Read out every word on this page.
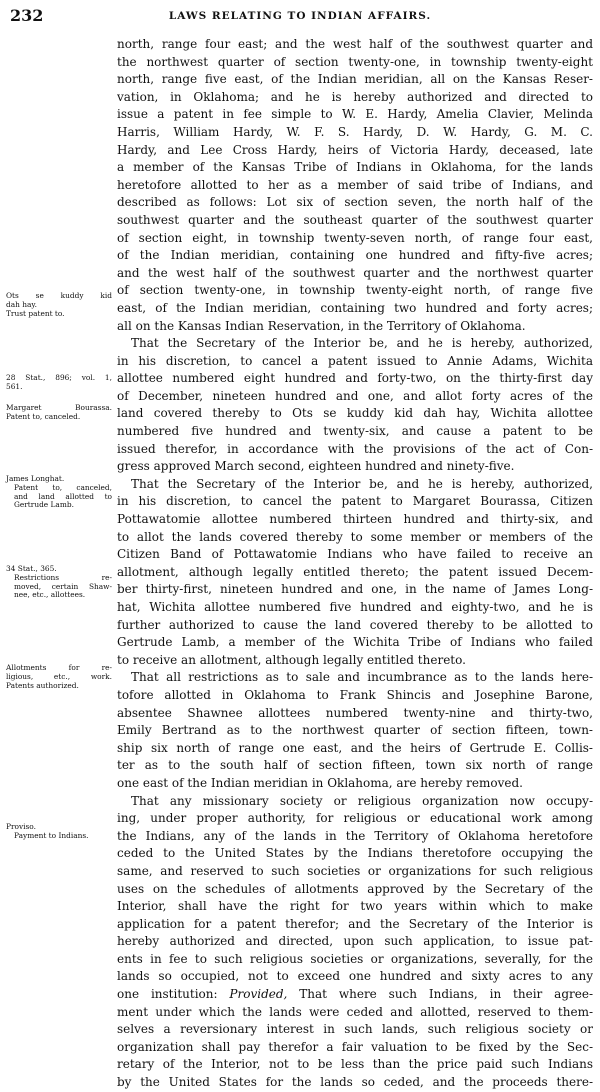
232	LAWS RELATING TO INDIAN AFFAIRS.
Ots se kuddy kid
dah hay.
Trust patent to.
28 Stat., 896; vol. 1,
561.
Margaret Bourassa.
Patent to, canceled.
James Longhat.
Patent to, canceled,
and land allotted to
Gertrude Lamb.
34 Stat., 365.
Restrictions re-
moved, certain Shaw-
nee, etc., allottees.
Allotments for re-
ligious, etc., work.
Patents authorized.
Proviso.
Payment to Indians.
north, range four east; and the west half of the southwest quarter and
the northwest quarter of section twenty-one, in township twenty-eight
north, range five east, of the Indian meridian, all on the Kansas Reser-
vation, in Oklahoma; and he is hereby authorized and directed to
issue a patent in fee simple to W. E. Hardy, Amelia Clavier, Melinda
Harris, William Hardy, W. F. S. Hardy, D. W. Hardy, G. M. C.
Hardy, and Lee Cross Hardy, heirs of Victoria Hardy, deceased, late
a member of the Kansas Tribe of Indians in Oklahoma, for the lands
heretofore allotted to her as a member of said tribe of Indians, and
described as follows: Lot six of section seven, the north half of the
southwest quarter and the southeast quarter of the southwest quarter
of section eight, in township twenty-seven north, of range four east,
of the Indian meridian, containing one hundred and fifty-five acres;
and the west half of the southwest quarter and the northwest quarter
of section twenty-one, in township twenty-eight north, of range five
east, of the Indian meridian, containing two hundred and forty acres;
all on the Kansas Indian Reservation, in the Territory of Oklahoma.
That the Secretary of the Interior be, and he is hereby, authorized,
in his discretion, to cancel a patent issued to Annie Adams, Wichita
allottee numbered eight hundred and forty-two, on the thirty-first day
of December, nineteen hundred and one, and allot forty acres of the
land covered thereby to Ots se kuddy kid dah hay, Wichita allottee
numbered five hundred and twenty-six, and cause a patent to be
issued therefor, in accordance with the provisions of the act of Con-
gress approved March second, eighteen hundred and ninety-five.
That the Secretary of the Interior be, and he is hereby, authorized,
in his discretion, to cancel the patent to Margaret Bourassa, Citizen
Pottawatomie allottee numbered thirteen hundred and thirty-six, and
to allot the lands covered thereby to some member or members of the
Citizen Band of Pottawatomie Indians who have failed to receive an
allotment, although legally entitled thereto; the patent issued Decem-
ber thirty-first, nineteen hundred and one, in the name of James Long-
hat, Wichita allottee numbered five hundred and eighty-two, and he is
further authorized to cause the land covered thereby to be allotted to
Gertrude Lamb, a member of the Wichita Tribe of Indians who failed
to receive an allotment, although legally entitled thereto.
That all restrictions as to sale and incumbrance as to the lands here-
tofore allotted in Oklahoma to Frank Shincis and Josephine Barone,
absentee Shawnee allottees numbered twenty-nine and thirty-two,
Emily Bertrand as to the northwest quarter of section fifteen, town-
ship six north of range one east, and the heirs of Gertrude E. Collis-
ter as to the south half of section fifteen, town six north of range
one east of the Indian meridian in Oklahoma, are hereby removed.
That any missionary society or religious organization now occupy-
ing, under proper authority, for religious or educational work among
the Indians, any of the lands in the Territory of Oklahoma heretofore
ceded to the United States by the Indians theretofore occupying the
same, and reserved to such societies or organizations for such religious
uses on the schedules of allotments approved by the Secretary of the
Interior, shall have the right for two years within which to make
application for a patent therefor; and the Secretary of the Interior is
hereby authorized and directed, upon such application, to issue pat-
ents in fee to such religious societies or organizations, severally, for the
lands so occupied, not to exceed one hundred and sixty acres to any
one institution: Provided, That where such Indians, in their agree-
ment under which the lands were ceded and allotted, reserved to them-
selves a reversionary interest in such lands, such religious society or
organization shall pay therefor a fair valuation to be fixed by the Sec-
retary of the Interior, not to be less than the price paid such Indians
by the United States for the lands so ceded, and the proceeds there-
